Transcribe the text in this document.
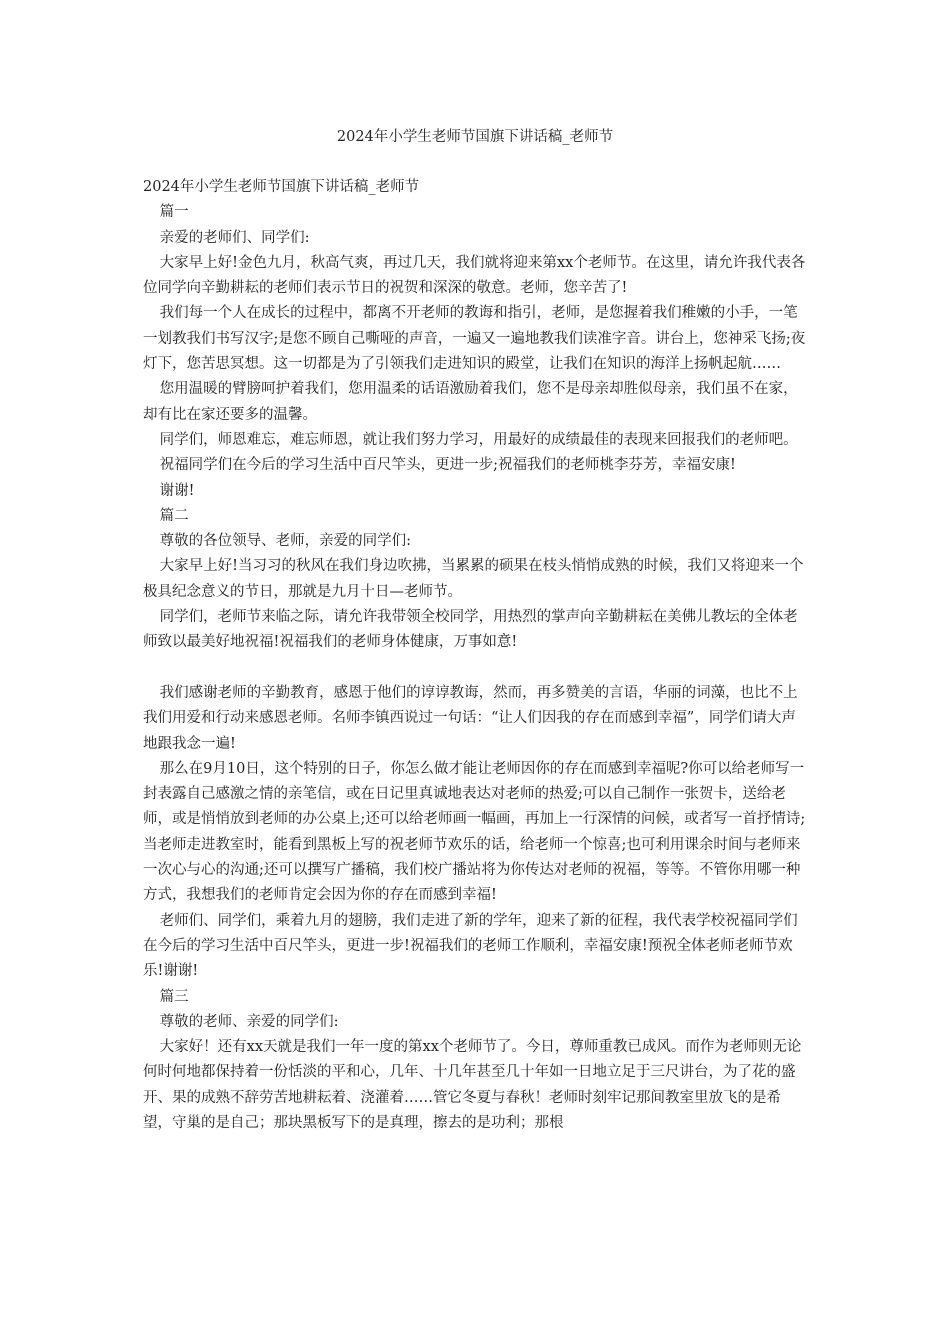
2024年小学生老师节国旗下讲话稿_老师节

2024年小学生老师节国旗下讲话稿_老师节

篇一

亲爱的老师们、同学们:

大家早上好!金色九月，秋高气爽，再过几天，我们就将迎来第xx个老师节。在这里，请允许我代表各位同学向辛勤耕耘的老师们表示节日的祝贺和深深的敬意。老师，您辛苦了!

我们每一个人在成长的过程中，都离不开老师的教诲和指引，老师，是您握着我们稚嫩的小手，一笔一划教我们书写汉字;是您不顾自己嘶哑的声音，一遍又一遍地教我们读准字音。讲台上，您神采飞扬;夜灯下，您苦思冥想。这一切都是为了引领我们走进知识的殿堂，让我们在知识的海洋上扬帆起航……

您用温暖的臂膀呵护着我们，您用温柔的话语激励着我们，您不是母亲却胜似母亲，我们虽不在家，却有比在家还要多的温馨。

同学们，师恩难忘，难忘师恩，就让我们努力学习，用最好的成绩最佳的表现来回报我们的老师吧。

祝福同学们在今后的学习生活中百尺竿头，更进一步;祝福我们的老师桃李芬芳，幸福安康!

谢谢!

篇二

尊敬的各位领导、老师，亲爱的同学们:

大家早上好!当习习的秋风在我们身边吹拂，当累累的硕果在枝头悄悄成熟的时候，我们又将迎来一个极具纪念意义的节日，那就是九月十日—老师节。

同学们，老师节来临之际，请允许我带领全校同学，用热烈的掌声向辛勤耕耘在美佛儿教坛的全体老师致以最美好地祝福!祝福我们的老师身体健康，万事如意!

我们感谢老师的辛勤教育，感恩于他们的谆谆教诲，然而，再多赞美的言语，华丽的词藻，也比不上我们用爱和行动来感恩老师。名师李镇西说过一句话：“让人们因我的存在而感到幸福”，同学们请大声地跟我念一遍!

那么在9月10日，这个特别的日子，你怎么做才能让老师因你的存在而感到幸福呢?你可以给老师写一封表露自己感激之情的亲笔信，或在日记里真诚地表达对老师的热爱;可以自己制作一张贺卡，送给老师，或是悄悄放到老师的办公桌上;还可以给老师画一幅画，再加上一行深情的问候，或者写一首抒情诗;当老师走进教室时，能看到黑板上写的祝老师节欢乐的话，给老师一个惊喜;也可利用课余时间与老师来一次心与心的沟通;还可以撰写广播稿，我们校广播站将为你传达对老师的祝福，等等。不管你用哪一种方式，我想我们的老师肯定会因为你的存在而感到幸福!

老师们、同学们，乘着九月的翅膀，我们走进了新的学年，迎来了新的征程，我代表学校祝福同学们在今后的学习生活中百尺竿头，更进一步!祝福我们的老师工作顺利，幸福安康!预祝全体老师老师节欢乐!谢谢!

篇三

尊敬的老师、亲爱的同学们:

大家好！还有xx天就是我们一年一度的第xx个老师节了。今日，尊师重教已成风。而作为老师则无论何时何地都保持着一份恬淡的平和心，几年、十几年甚至几十年如一日地立足于三尺讲台，为了花的盛开、果的成熟不辞劳苦地耕耘着、浇灌着……管它冬夏与春秋！老师时刻牢记那间教室里放飞的是希望，守巢的是自己；那块黑板写下的是真理，擦去的是功利；那根
